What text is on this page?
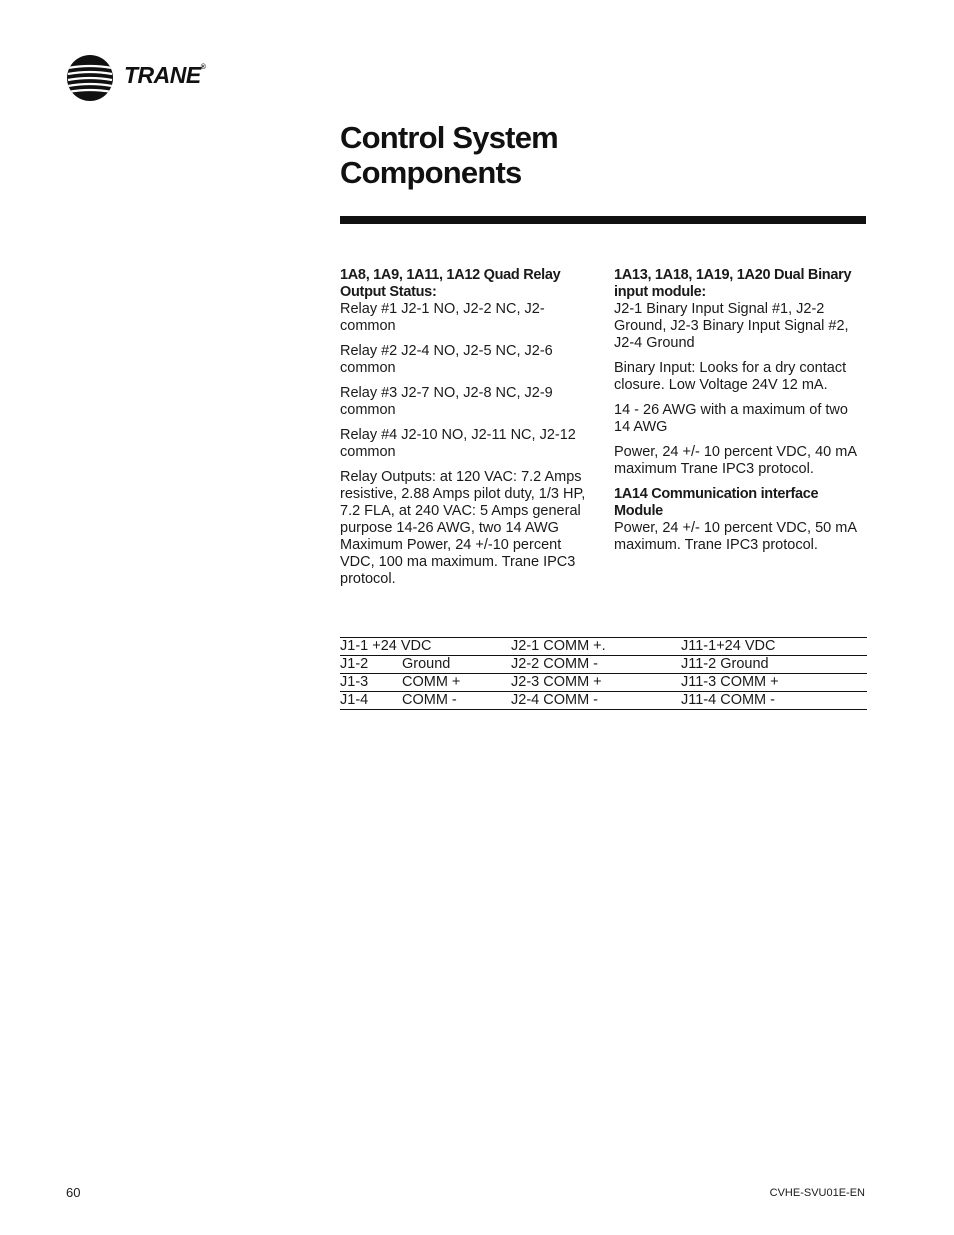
TRANE®
Control System
Components
1A8, 1A9, 1A11, 1A12 Quad Relay Output Status:

Relay #1 J2-1 NO, J2-2 NC, J2-common

Relay #2 J2-4 NO, J2-5 NC, J2-6 common

Relay #3 J2-7 NO, J2-8 NC, J2-9 common

Relay #4 J2-10 NO, J2-11 NC, J2-12 common

Relay Outputs: at 120 VAC: 7.2 Amps resistive, 2.88 Amps pilot duty, 1/3 HP, 7.2 FLA, at 240 VAC: 5 Amps general purpose 14-26 AWG, two 14 AWG Maximum Power, 24 +/-10 percent VDC, 100 ma maximum. Trane IPC3 protocol.

1A13, 1A18, 1A19, 1A20 Dual Binary input module:

J2-1 Binary Input Signal #1, J2-2 Ground, J2-3 Binary Input Signal #2, J2-4 Ground

Binary Input: Looks for a dry contact closure. Low Voltage 24V 12 mA.

14 - 26 AWG with a maximum of two 14 AWG

Power, 24 +/- 10 percent VDC, 40 mA maximum Trane IPC3 protocol.

1A14 Communication interface Module

Power, 24 +/- 10 percent VDC, 50 mA maximum. Trane IPC3 protocol.

J1-1 +24 VDC	J2-1 COMM +.	J11-1+24 VDC
J1-2 Ground	J2-2 COMM -	J11-2 Ground
J1-3 COMM +	J2-3 COMM +	J11-3 COMM +
J1-4 COMM -	J2-4 COMM -	J11-4 COMM -
60	CVHE-SVU01E-EN
